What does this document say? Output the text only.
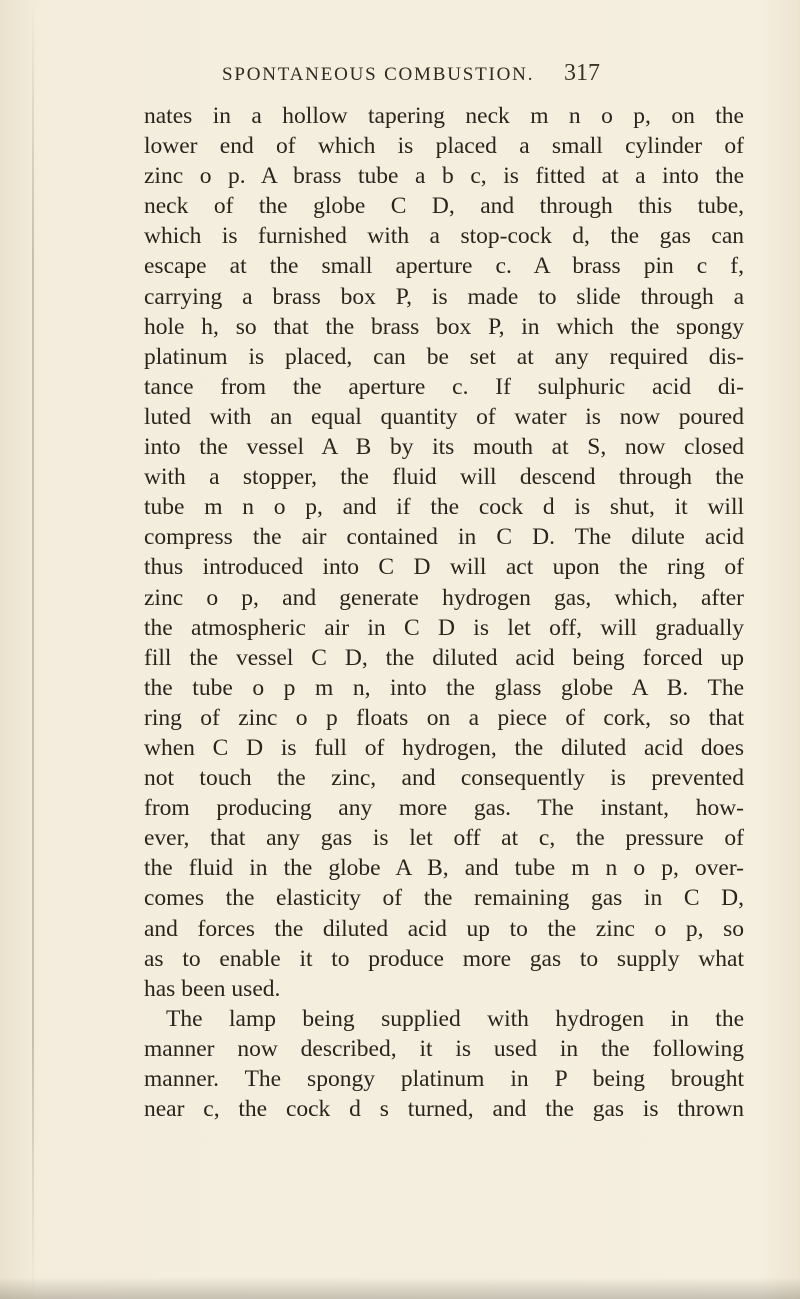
SPONTANEOUS COMBUSTION. 317
nates in a hollow tapering neck m n o p, on the
lower end of which is placed a small cylinder of
zinc o p. A brass tube a b c, is fitted at a into the
neck of the globe C D, and through this tube,
which is furnished with a stop-cock d, the gas can
escape at the small aperture c. A brass pin c f,
carrying a brass box P, is made to slide through a
hole h, so that the brass box P, in which the spongy
platinum is placed, can be set at any required dis-
tance from the aperture c. If sulphuric acid di-
luted with an equal quantity of water is now poured
into the vessel A B by its mouth at S, now closed
with a stopper, the fluid will descend through the
tube m n o p, and if the cock d is shut, it will
compress the air contained in C D. The dilute acid
thus introduced into C D will act upon the ring of
zinc o p, and generate hydrogen gas, which, after
the atmospheric air in C D is let off, will gradually
fill the vessel C D, the diluted acid being forced up
the tube o p m n, into the glass globe A B. The
ring of zinc o p floats on a piece of cork, so that
when C D is full of hydrogen, the diluted acid does
not touch the zinc, and consequently is prevented
from producing any more gas. The instant, how-
ever, that any gas is let off at c, the pressure of
the fluid in the globe A B, and tube m n o p, over-
comes the elasticity of the remaining gas in C D,
and forces the diluted acid up to the zinc o p, so
as to enable it to produce more gas to supply what
has been used.
The lamp being supplied with hydrogen in the
manner now described, it is used in the following
manner. The spongy platinum in P being brought
near c, the cock d s turned, and the gas is thrown
